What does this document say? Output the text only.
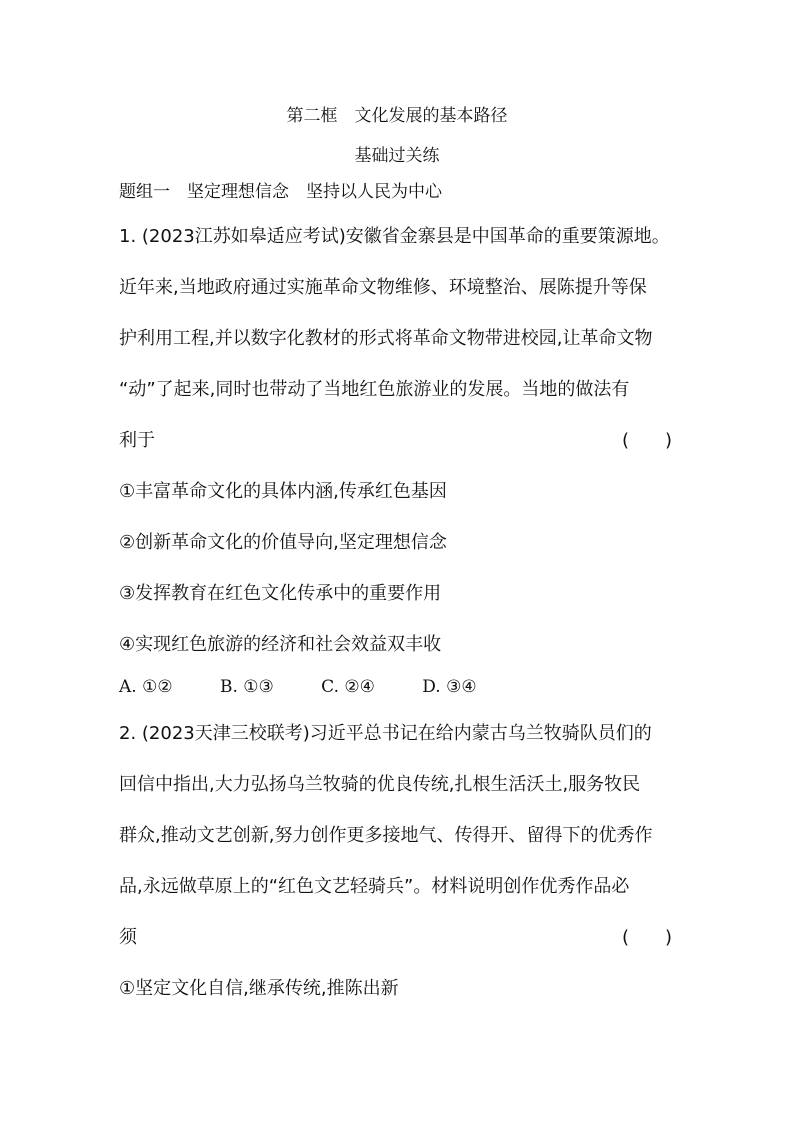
第二框　文化发展的基本路径
基础过关练
题组一　坚定理想信念　坚持以人民为中心
1. (2023江苏如皋适应考试)安徽省金寨县是中国革命的重要策源地。
近年来,当地政府通过实施革命文物维修、环境整治、展陈提升等保
护利用工程,并以数字化教材的形式将革命文物带进校园,让革命文物
“动”了起来,同时也带动了当地红色旅游业的发展。当地的做法有
利于	(　　)
①丰富革命文化的具体内涵,传承红色基因
②创新革命文化的价值导向,坚定理想信念
③发挥教育在红色文化传承中的重要作用
④实现红色旅游的经济和社会效益双丰收
A. ①②	B. ①③	C. ②④	D. ③④
2. (2023天津三校联考)习近平总书记在给内蒙古乌兰牧骑队员们的
回信中指出,大力弘扬乌兰牧骑的优良传统,扎根生活沃土,服务牧民
群众,推动文艺创新,努力创作更多接地气、传得开、留得下的优秀作
品,永远做草原上的“红色文艺轻骑兵”。材料说明创作优秀作品必
须	(　　)
①坚定文化自信,继承传统,推陈出新
